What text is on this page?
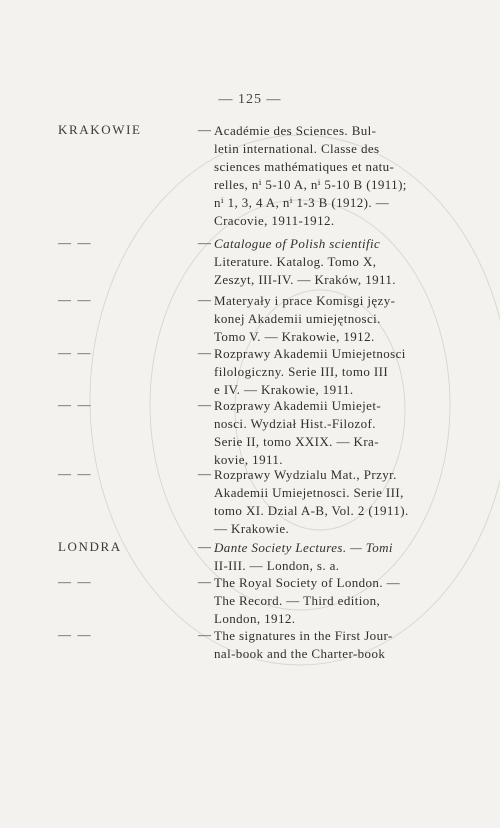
— 125 —
KRAKOWIE	— Académie des Sciences. Bul-
letin international. Classe des
sciences mathématiques et natu-
relles, nⁱ 5-10 A, nⁱ 5-10 B (1911);
nⁱ 1, 3, 4 A, nⁱ 1-3 B (1912). —
Cracovie, 1911-1912.
— —	— Catalogue of Polish scientific
Literature. Katalog. Tomo X,
Zeszyt, III-IV. — Kraków, 1911.
— —	— Materyały i prace Komisgi języ-
konej Akademii umiejętnosci.
Tomo V. — Krakowie, 1912.
— —	— Rozprawy Akademii Umiejetnosci
filologiczny. Serie III, tomo III
e IV. — Krakowie, 1911.
— —	— Rozprawy Akademii Umiejet-
nosci. Wydział Hist.-Filozof.
Serie II, tomo XXIX. — Kra-
kovie, 1911.
— —	— Rozprawy Wydzialu Mat., Przyr.
Akademii Umiejetnosci. Serie III,
tomo XI. Dzial A-B, Vol. 2 (1911).
— Krakowie.
LONDRA	— Dante Society Lectures. — Tomi
II-III. — London, s. a.
— —	— The Royal Society of London. —
The Record. — Third edition,
London, 1912.
— —	— The signatures in the First Jour-
nal-book and the Charter-book
